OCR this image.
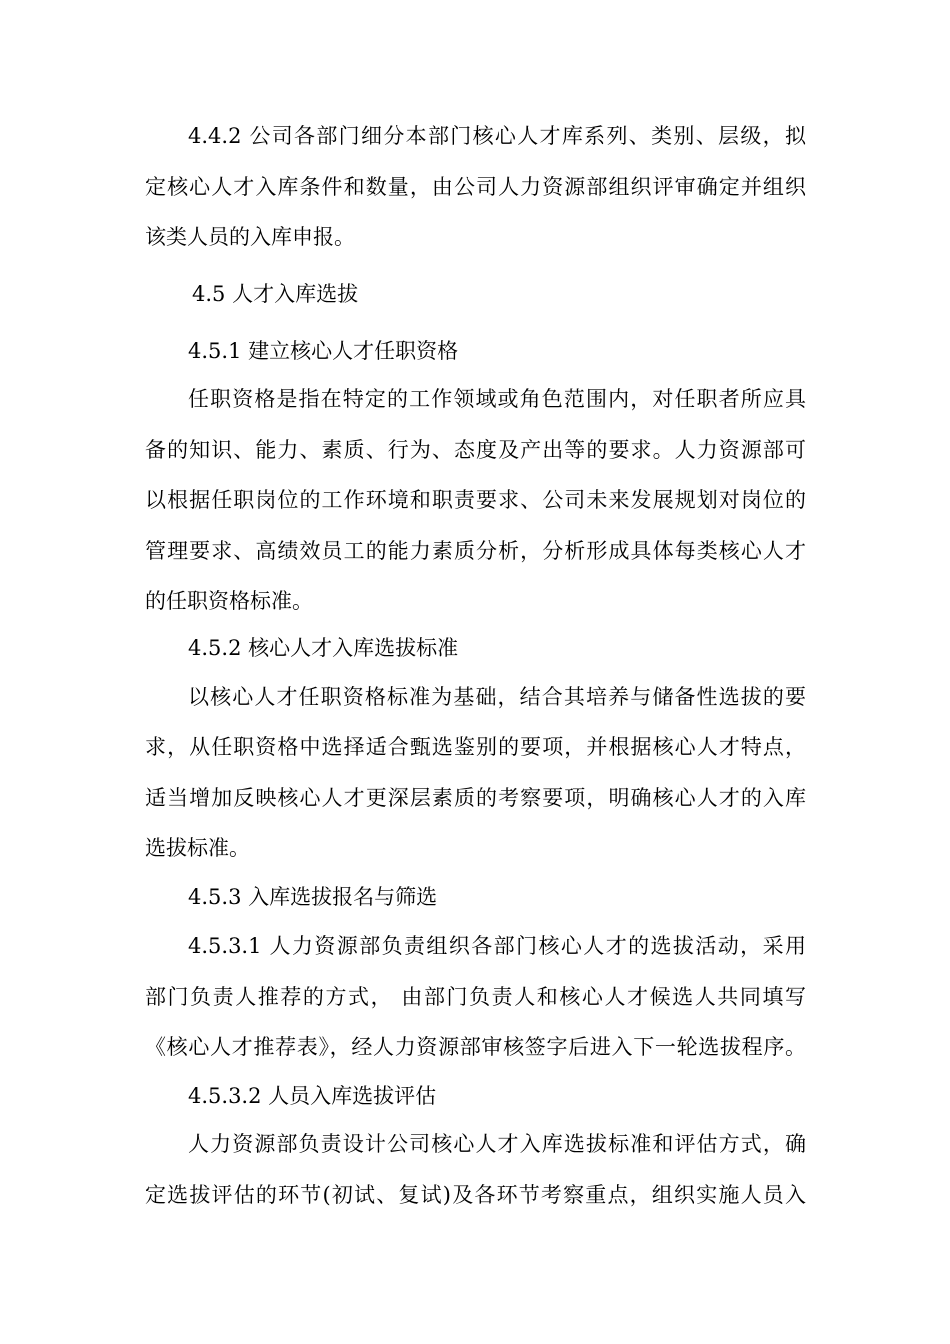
4.4.2 公司各部门细分本部门核心人才库系列、类别、层级，拟
定核心人才入库条件和数量，由公司人力资源部组织评审确定并组织
该类人员的入库申报。
4.5 人才入库选拔
4.5.1 建立核心人才任职资格
任职资格是指在特定的工作领域或角色范围内，对任职者所应具
备的知识、能力、素质、行为、态度及产出等的要求。人力资源部可
以根据任职岗位的工作环境和职责要求、公司未来发展规划对岗位的
管理要求、高绩效员工的能力素质分析，分析形成具体每类核心人才
的任职资格标准。
4.5.2 核心人才入库选拔标准
以核心人才任职资格标准为基础，结合其培养与储备性选拔的要
求，从任职资格中选择适合甄选鉴别的要项，并根据核心人才特点，
适当增加反映核心人才更深层素质的考察要项，明确核心人才的入库
选拔标准。
4.5.3 入库选拔报名与筛选
4.5.3.1 人力资源部负责组织各部门核心人才的选拔活动，采用
部门负责人推荐的方式， 由部门负责人和核心人才候选人共同填写
《核心人才推荐表》，经人力资源部审核签字后进入下一轮选拔程序。
4.5.3.2 人员入库选拔评估
人力资源部负责设计公司核心人才入库选拔标准和评估方式，确
定选拔评估的环节(初试、复试)及各环节考察重点，组织实施人员入
